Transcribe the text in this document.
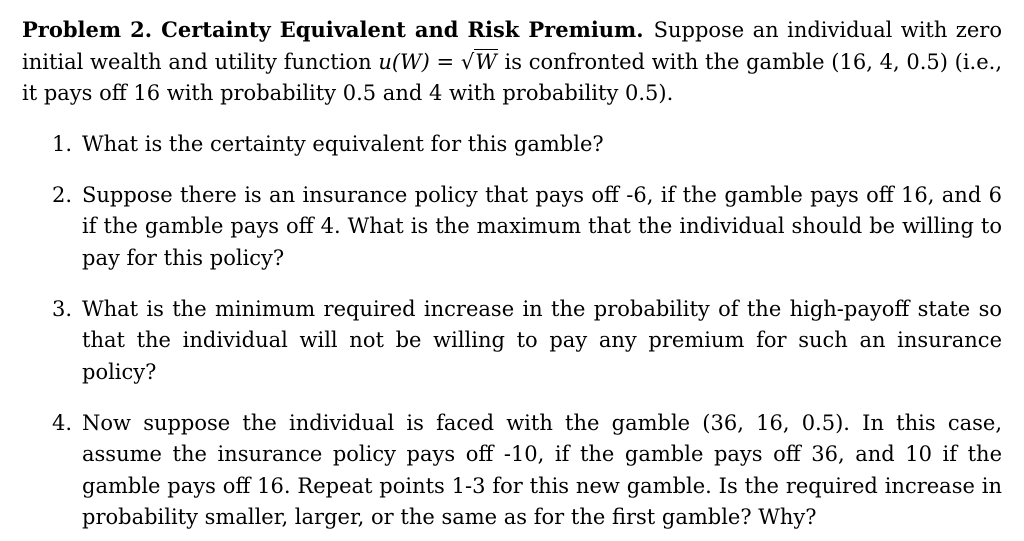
Problem 2. Certainty Equivalent and Risk Premium. Suppose an individual with zero initial wealth and utility function u(W) = √W is confronted with the gamble (16, 4, 0.5) (i.e., it pays off 16 with probability 0.5 and 4 with probability 0.5).

1. What is the certainty equivalent for this gamble?
2. Suppose there is an insurance policy that pays off -6, if the gamble pays off 16, and 6 if the gamble pays off 4. What is the maximum that the individual should be willing to pay for this policy?
3. What is the minimum required increase in the probability of the high-payoff state so that the individual will not be willing to pay any premium for such an insurance policy?
4. Now suppose the individual is faced with the gamble (36, 16, 0.5). In this case, assume the insurance policy pays off -10, if the gamble pays off 36, and 10 if the gamble pays off 16. Repeat points 1-3 for this new gamble. Is the required increase in probability smaller, larger, or the same as for the first gamble? Why?
